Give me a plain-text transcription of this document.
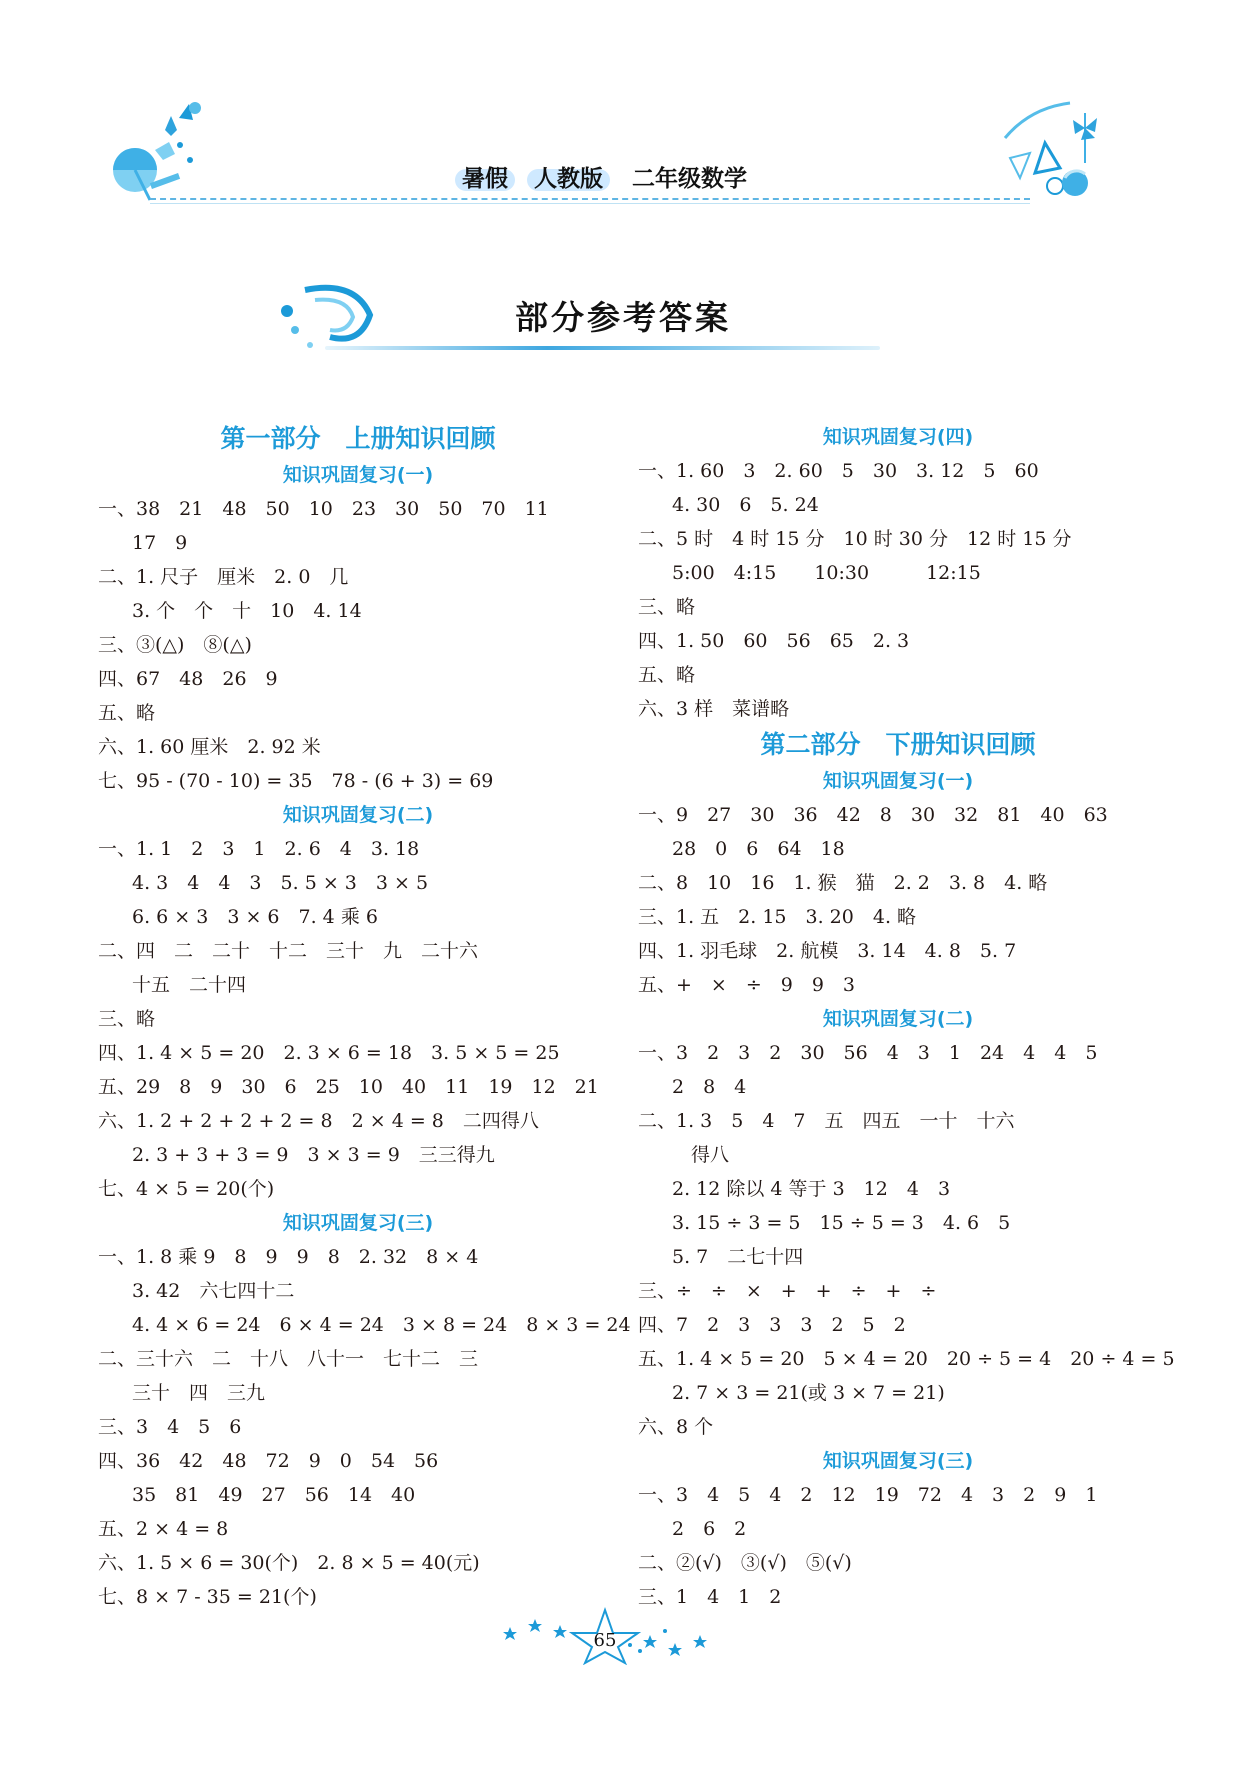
暑假 人教版 二年级数学
部分参考答案
第一部分　上册知识回顾
知识巩固复习(一)
一、38　21　48　50　10　23　30　50　70　11
17　9
二、1. 尺子　厘米　2. 0　几
3. 个　个　十　10　4. 14
三、③(△)　⑧(△)
四、67　48　26　9
五、略
六、1. 60 厘米　2. 92 米
七、95 - (70 - 10) = 35　78 - (6 + 3) = 69
知识巩固复习(二)
一、1. 1　2　3　1　2. 6　4　3. 18
4. 3　4　4　3　5. 5 × 3　3 × 5
6. 6 × 3　3 × 6　7. 4 乘 6
二、四　二　二十　十二　三十　九　二十六
十五　二十四
三、略
四、1. 4 × 5 = 20　2. 3 × 6 = 18　3. 5 × 5 = 25
五、29　8　9　30　6　25　10　40　11　19　12　21
六、1. 2 + 2 + 2 + 2 = 8　2 × 4 = 8　二四得八
2. 3 + 3 + 3 = 9　3 × 3 = 9　三三得九
七、4 × 5 = 20(个)
知识巩固复习(三)
一、1. 8 乘 9　8　9　9　8　2. 32　8 × 4
3. 42　六七四十二
4. 4 × 6 = 24　6 × 4 = 24　3 × 8 = 24　8 × 3 = 24
二、三十六　二　十八　八十一　七十二　三
三十　四　三九
三、3　4　5　6
四、36　42　48　72　9　0　54　56
35　81　49　27　56　14　40
五、2 × 4 = 8
六、1. 5 × 6 = 30(个)　2. 8 × 5 = 40(元)
七、8 × 7 - 35 = 21(个)
知识巩固复习(四)
一、1. 60　3　2. 60　5　30　3. 12　5　60
4. 30　6　5. 24
二、5 时　4 时 15 分　10 时 30 分　12 时 15 分
5:00　4:15　　10:30　　　12:15
三、略
四、1. 50　60　56　65　2. 3
五、略
六、3 样　菜谱略
第二部分　下册知识回顾
知识巩固复习(一)
一、9　27　30　36　42　8　30　32　81　40　63
28　0　6　64　18
二、8　10　16　1. 猴　猫　2. 2　3. 8　4. 略
三、1. 五　2. 15　3. 20　4. 略
四、1. 羽毛球　2. 航模　3. 14　4. 8　5. 7
五、+　×　÷　9　9　3
知识巩固复习(二)
一、3　2　3　2　30　56　4　3　1　24　4　4　5
2　8　4
二、1. 3　5　4　7　五　四五　一十　十六
　得八
2. 12 除以 4 等于 3　12　4　3
3. 15 ÷ 3 = 5　15 ÷ 5 = 3　4. 6　5
5. 7　二七十四
三、÷　÷　×　+　+　÷　+　÷
四、7　2　3　3　3　2　5　2
五、1. 4 × 5 = 20　5 × 4 = 20　20 ÷ 5 = 4　20 ÷ 4 = 5
2. 7 × 3 = 21(或 3 × 7 = 21)
六、8 个
知识巩固复习(三)
一、3　4　5　4　2　12　19　72　4　3　2　9　1
2　6　2
二、②(√)　③(√)　⑤(√)
三、1　4　1　2
65
